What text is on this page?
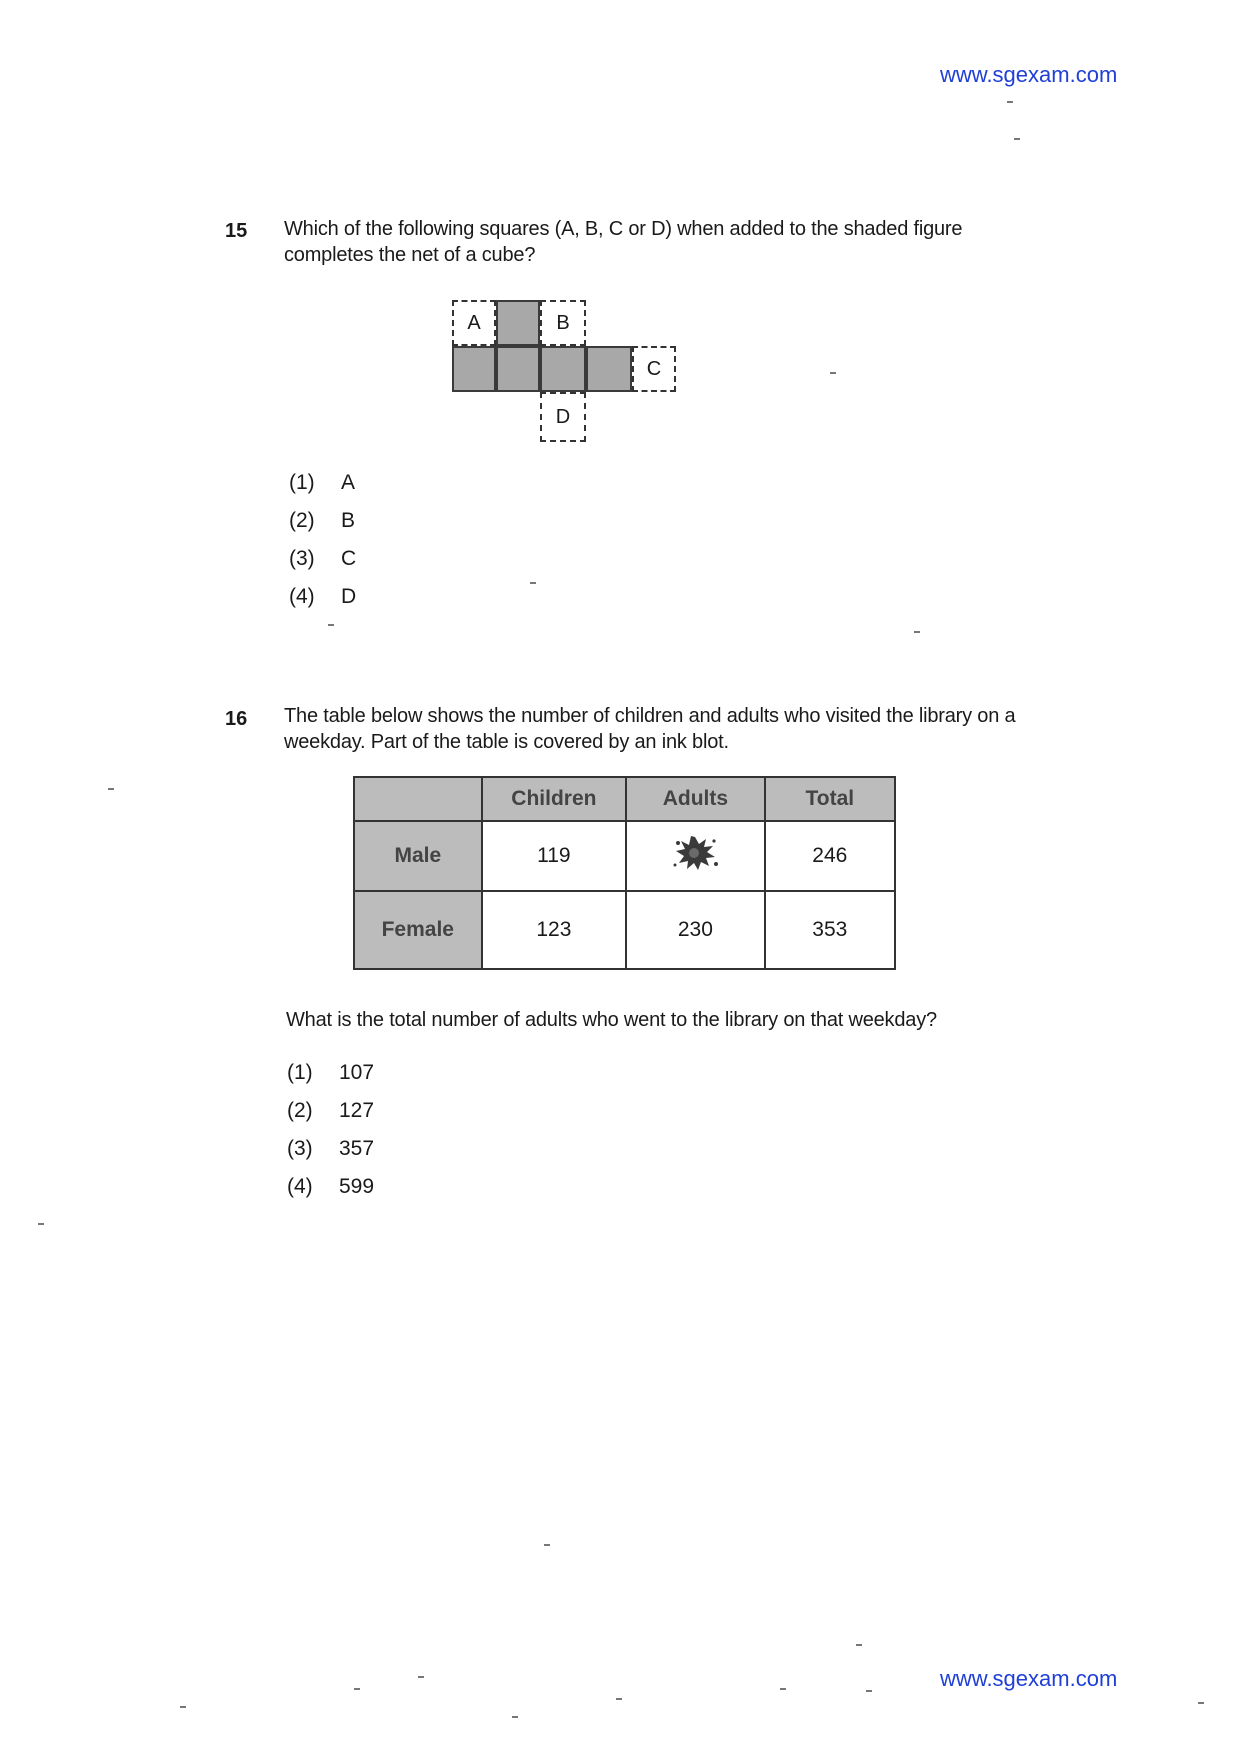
www.sgexam.com
15 Which of the following squares (A, B, C or D) when added to the shaded figure completes the net of a cube?
A	B
C
D
(1)	A
(2)	B
(3)	C
(4)	D
16 The table below shows the number of children and adults who visited the library on a weekday. Part of the table is covered by an ink blot.
	Children	Adults	Total
Male	119		246
Female	123	230	353
What is the total number of adults who went to the library on that weekday?
(1)	107
(2)	127
(3)	357
(4)	599
www.sgexam.com
